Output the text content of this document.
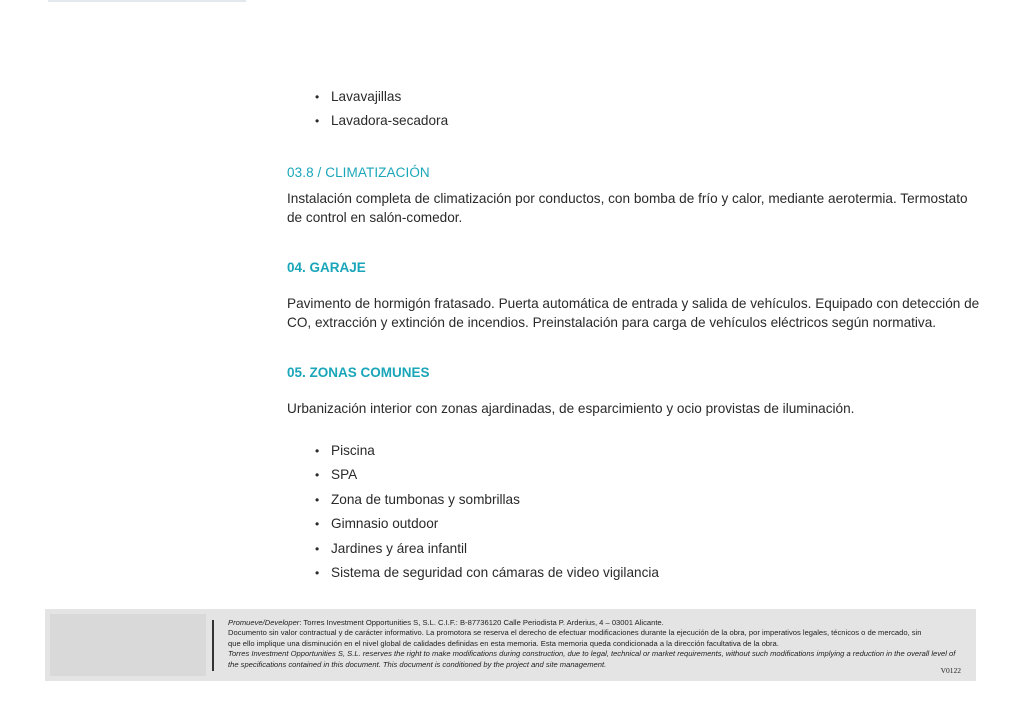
• Lavavajillas
• Lavadora-secadora
03.8 / CLIMATIZACIÓN
Instalación completa de climatización por conductos, con bomba de frío y calor, mediante aerotermia. Termostato
de control en salón-comedor.
04. GARAJE
Pavimento de hormigón fratasado. Puerta automática de entrada y salida de vehículos. Equipado con detección de
CO, extracción y extinción de incendios. Preinstalación para carga de vehículos eléctricos según normativa.
05. ZONAS COMUNES
Urbanización interior con zonas ajardinadas, de esparcimiento y ocio provistas de iluminación.
• Piscina
• SPA
• Zona de tumbonas y sombrillas
• Gimnasio outdoor
• Jardines y área infantil
• Sistema de seguridad con cámaras de video vigilancia
Promueve/Developer: Torres Investment Opportunities S, S.L. C.I.F.: B-87736120 Calle Periodista P. Arderius, 4 – 03001 Alicante.
Documento sin valor contractual y de carácter informativo. La promotora se reserva el derecho de efectuar modificaciones durante la ejecución de la obra, por imperativos legales, técnicos o de mercado, sin
que ello implique una disminución en el nivel global de calidades definidas en esta memoria. Esta memoria queda condicionada a la dirección facultativa de la obra.
Torres Investment Opportunities S, S.L. reserves the right to make modifications during construction, due to legal, technical or market requirements, without such modifications implying a reduction in the overall level of
the specifications contained in this document. This document is conditioned by the project and site management.
V0122
